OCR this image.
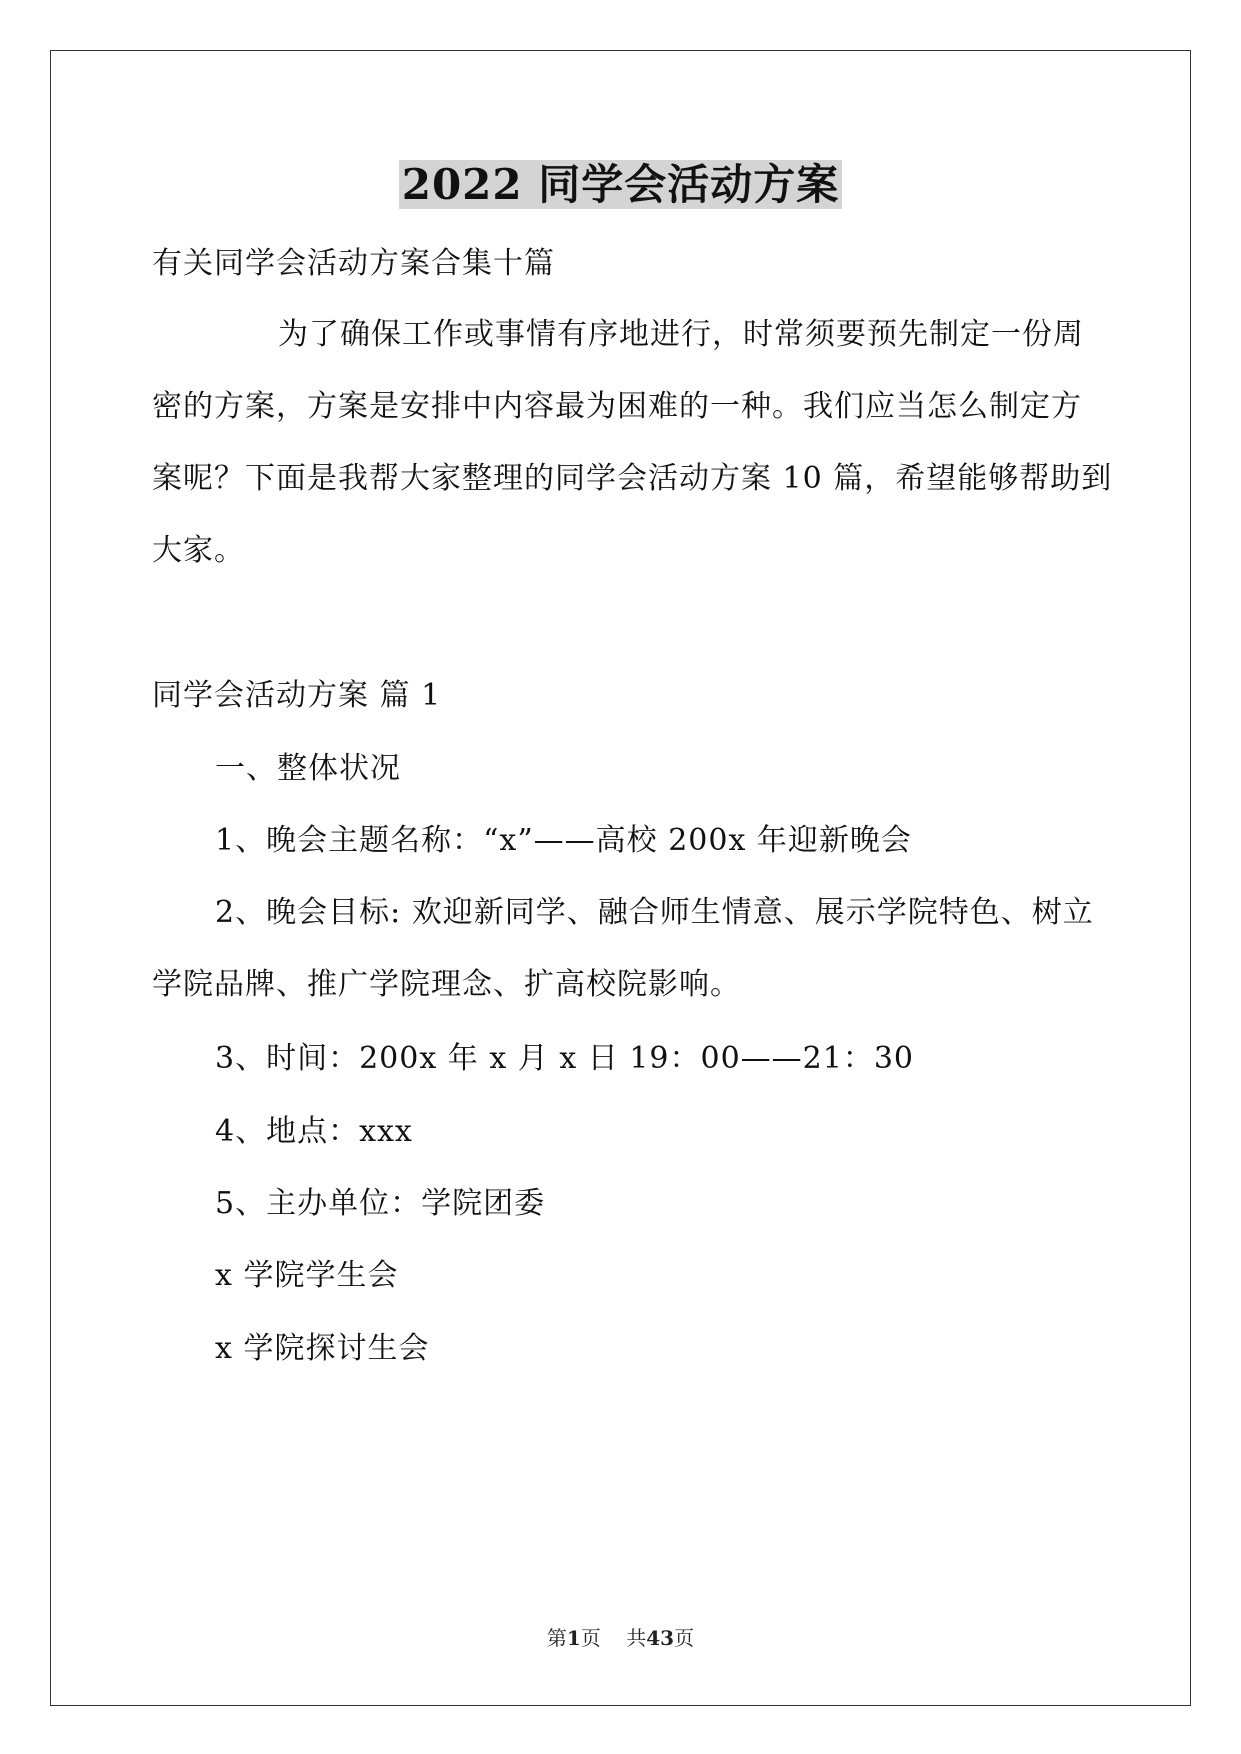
2022 同学会活动方案
有关同学会活动方案合集十篇
为了确保工作或事情有序地进行，时常须要预先制定一份周
密的方案，方案是安排中内容最为困难的一种。我们应当怎么制定方
案呢？下面是我帮大家整理的同学会活动方案 10 篇，希望能够帮助到
大家。
同学会活动方案 篇 1
一、整体状况
1、晚会主题名称：“x”——高校 200x 年迎新晚会
2、晚会目标: 欢迎新同学、融合师生情意、展示学院特色、树立
学院品牌、推广学院理念、扩高校院影响。
3、时间：200x 年 x 月 x 日 19：00——21：30
4、地点：xxx
5、主办单位：学院团委
x 学院学生会
x 学院探讨生会
第1页 共43页
